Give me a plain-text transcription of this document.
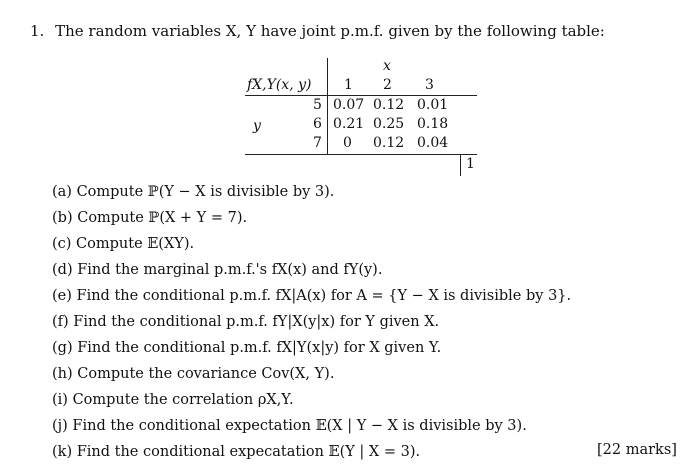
1. The random variables X, Y have joint p.m.f. given by the following table:
x
fX,Y(x, y) 1 2 3
y
5 0.07 0.12 0.01
6 0.21 0.25 0.18
7 0 0.12 0.04
1
(a) Compute ℙ(Y − X is divisible by 3).
(b) Compute ℙ(X + Y = 7).
(c) Compute 𝔼(XY).
(d) Find the marginal p.m.f.'s fX(x) and fY(y).
(e) Find the conditional p.m.f. fX|A(x) for A = {Y − X is divisible by 3}.
(f) Find the conditional p.m.f. fY|X(y|x) for Y given X.
(g) Find the conditional p.m.f. fX|Y(x|y) for X given Y.
(h) Compute the covariance Cov(X, Y).
(i) Compute the correlation ρX,Y.
(j) Find the conditional expectation 𝔼(X | Y − X is divisible by 3).
(k) Find the conditional expecatation 𝔼(Y | X = 3).	[22 marks]
